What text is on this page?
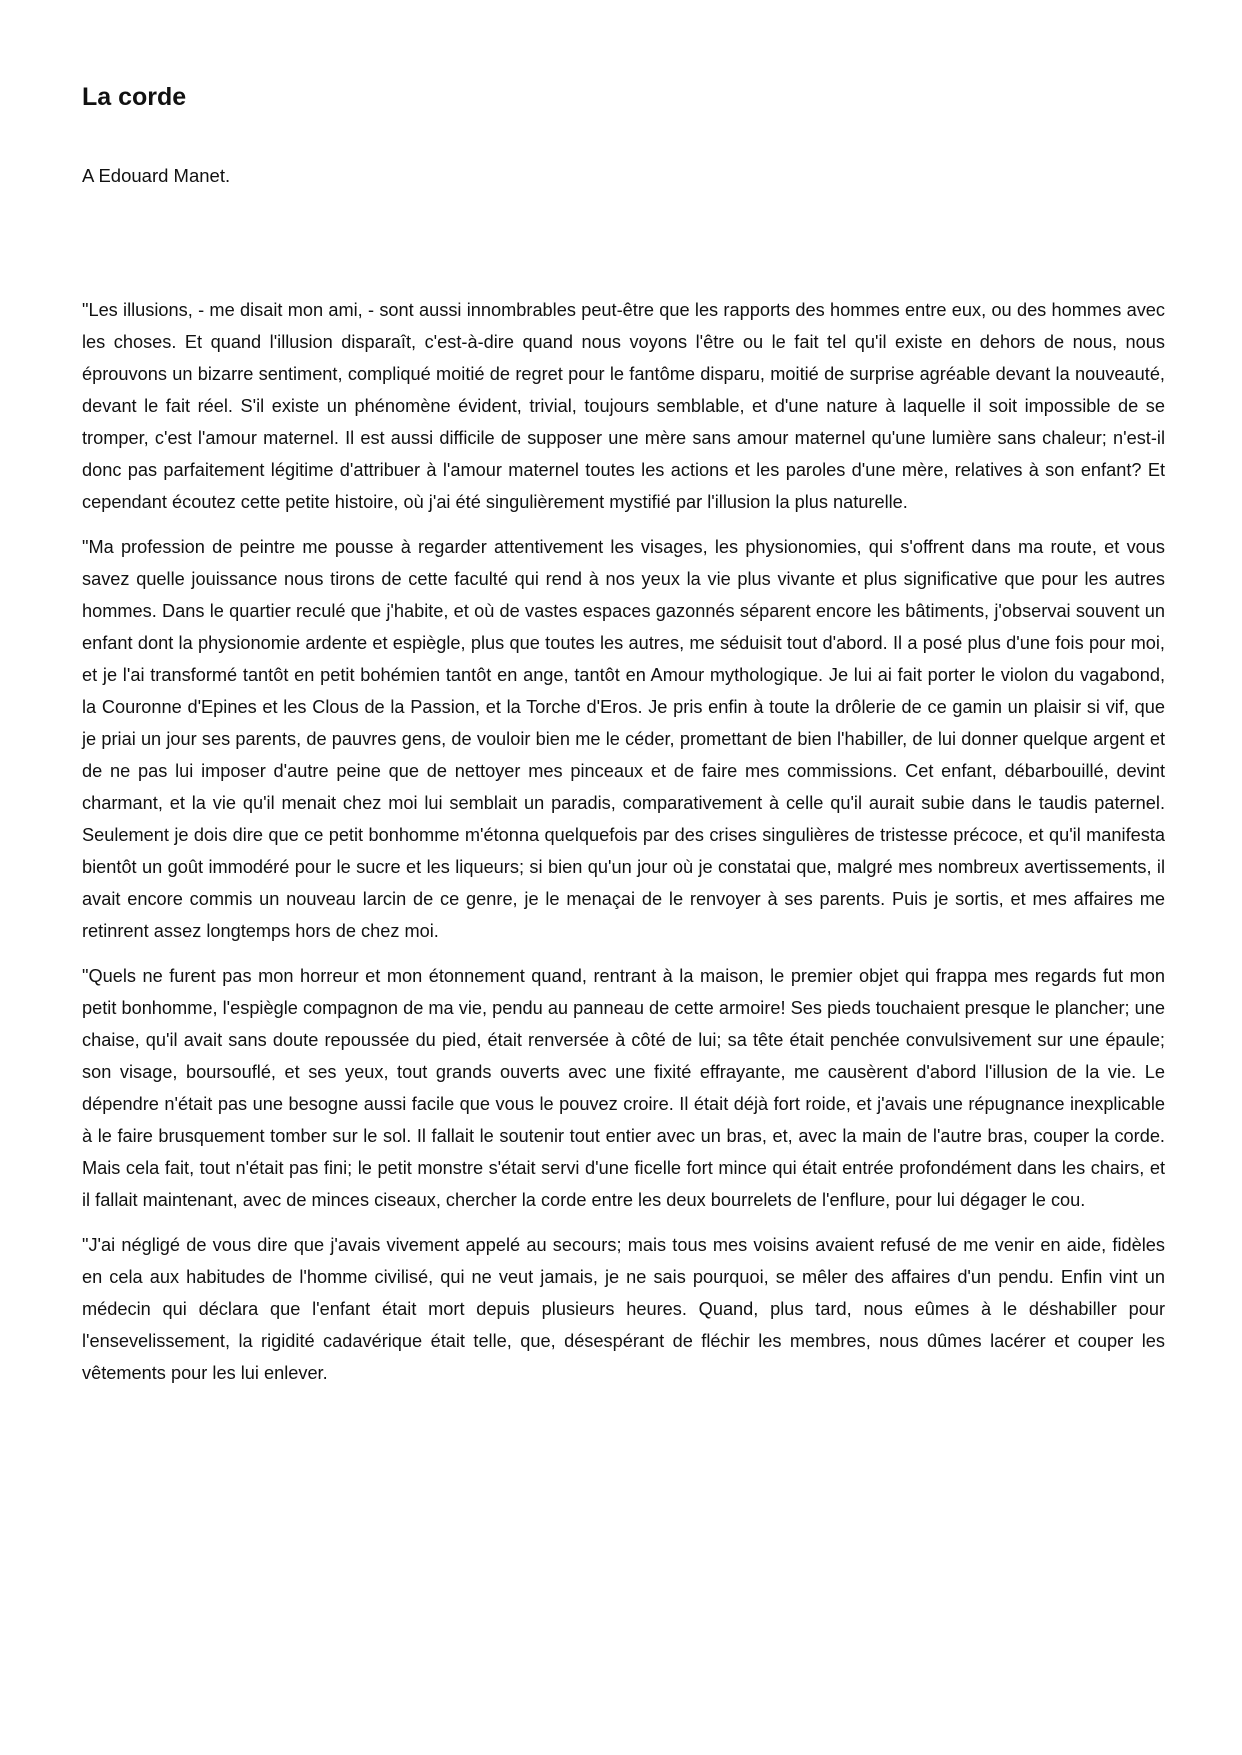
La corde

A Edouard Manet.

"Les illusions, - me disait mon ami, - sont aussi innombrables peut-être que les rapports des hommes entre eux, ou des hommes avec les choses. Et quand l'illusion disparaît, c'est-à-dire quand nous voyons l'être ou le fait tel qu'il existe en dehors de nous, nous éprouvons un bizarre sentiment, compliqué moitié de regret pour le fantôme disparu, moitié de surprise agréable devant la nouveauté, devant le fait réel. S'il existe un phénomène évident, trivial, toujours semblable, et d'une nature à laquelle il soit impossible de se tromper, c'est l'amour maternel. Il est aussi difficile de supposer une mère sans amour maternel qu'une lumière sans chaleur; n'est-il donc pas parfaitement légitime d'attribuer à l'amour maternel toutes les actions et les paroles d'une mère, relatives à son enfant? Et cependant écoutez cette petite histoire, où j'ai été singulièrement mystifié par l'illusion la plus naturelle.

"Ma profession de peintre me pousse à regarder attentivement les visages, les physionomies, qui s'offrent dans ma route, et vous savez quelle jouissance nous tirons de cette faculté qui rend à nos yeux la vie plus vivante et plus significative que pour les autres hommes. Dans le quartier reculé que j'habite, et où de vastes espaces gazonnés séparent encore les bâtiments, j'observai souvent un enfant dont la physionomie ardente et espiègle, plus que toutes les autres, me séduisit tout d'abord. Il a posé plus d'une fois pour moi, et je l'ai transformé tantôt en petit bohémien tantôt en ange, tantôt en Amour mythologique. Je lui ai fait porter le violon du vagabond, la Couronne d'Epines et les Clous de la Passion, et la Torche d'Eros. Je pris enfin à toute la drôlerie de ce gamin un plaisir si vif, que je priai un jour ses parents, de pauvres gens, de vouloir bien me le céder, promettant de bien l'habiller, de lui donner quelque argent et de ne pas lui imposer d'autre peine que de nettoyer mes pinceaux et de faire mes commissions. Cet enfant, débarbouillé, devint charmant, et la vie qu'il menait chez moi lui semblait un paradis, comparativement à celle qu'il aurait subie dans le taudis paternel. Seulement je dois dire que ce petit bonhomme m'étonna quelquefois par des crises singulières de tristesse précoce, et qu'il manifesta bientôt un goût immodéré pour le sucre et les liqueurs; si bien qu'un jour où je constatai que, malgré mes nombreux avertissements, il avait encore commis un nouveau larcin de ce genre, je le menaçai de le renvoyer à ses parents. Puis je sortis, et mes affaires me retinrent assez longtemps hors de chez moi.

"Quels ne furent pas mon horreur et mon étonnement quand, rentrant à la maison, le premier objet qui frappa mes regards fut mon petit bonhomme, l'espiègle compagnon de ma vie, pendu au panneau de cette armoire! Ses pieds touchaient presque le plancher; une chaise, qu'il avait sans doute repoussée du pied, était renversée à côté de lui; sa tête était penchée convulsivement sur une épaule; son visage, boursouflé, et ses yeux, tout grands ouverts avec une fixité effrayante, me causèrent d'abord l'illusion de la vie. Le dépendre n'était pas une besogne aussi facile que vous le pouvez croire. Il était déjà fort roide, et j'avais une répugnance inexplicable à le faire brusquement tomber sur le sol. Il fallait le soutenir tout entier avec un bras, et, avec la main de l'autre bras, couper la corde. Mais cela fait, tout n'était pas fini; le petit monstre s'était servi d'une ficelle fort mince qui était entrée profondément dans les chairs, et il fallait maintenant, avec de minces ciseaux, chercher la corde entre les deux bourrelets de l'enflure, pour lui dégager le cou.

"J'ai négligé de vous dire que j'avais vivement appelé au secours; mais tous mes voisins avaient refusé de me venir en aide, fidèles en cela aux habitudes de l'homme civilisé, qui ne veut jamais, je ne sais pourquoi, se mêler des affaires d'un pendu. Enfin vint un médecin qui déclara que l'enfant était mort depuis plusieurs heures. Quand, plus tard, nous eûmes à le déshabiller pour l'ensevelissement, la rigidité cadavérique était telle, que, désespérant de fléchir les membres, nous dûmes lacérer et couper les vêtements pour les lui enlever.
